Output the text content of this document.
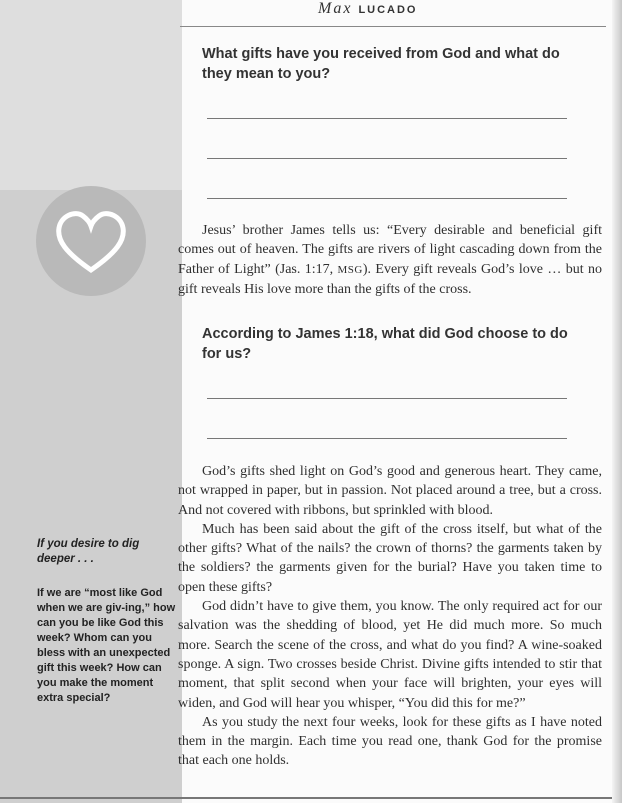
If you desire to dig deeper . . .
If we are “most like God when we are giv-ing,” how can you be like God this week? Whom can you bless with an unexpected gift this week? How can you make the moment extra special?
Max LUCADO
What gifts have you received from God and what do they mean to you?

Jesus’ brother James tells us: “Every desirable and beneficial gift comes out of heaven. The gifts are rivers of light cascading down from the Father of Light” (Jas. 1:17, MSG). Every gift reveals God’s love … but no gift reveals His love more than the gifts of the cross.

According to James 1:18, what did God choose to do for us?

God’s gifts shed light on God’s good and generous heart. They came, not wrapped in paper, but in passion. Not placed around a tree, but a cross. And not covered with ribbons, but sprinkled with blood.

Much has been said about the gift of the cross itself, but what of the other gifts? What of the nails? the crown of thorns? the garments taken by the soldiers? the garments given for the burial? Have you taken time to open these gifts?

God didn’t have to give them, you know. The only required act for our salvation was the shedding of blood, yet He did much more. So much more. Search the scene of the cross, and what do you find? A wine-soaked sponge. A sign. Two crosses beside Christ. Divine gifts intended to stir that moment, that split second when your face will brighten, your eyes will widen, and God will hear you whisper, “You did this for me?”

As you study the next four weeks, look for these gifts as I have noted them in the margin. Each time you read one, thank God for the promise that each one holds.
